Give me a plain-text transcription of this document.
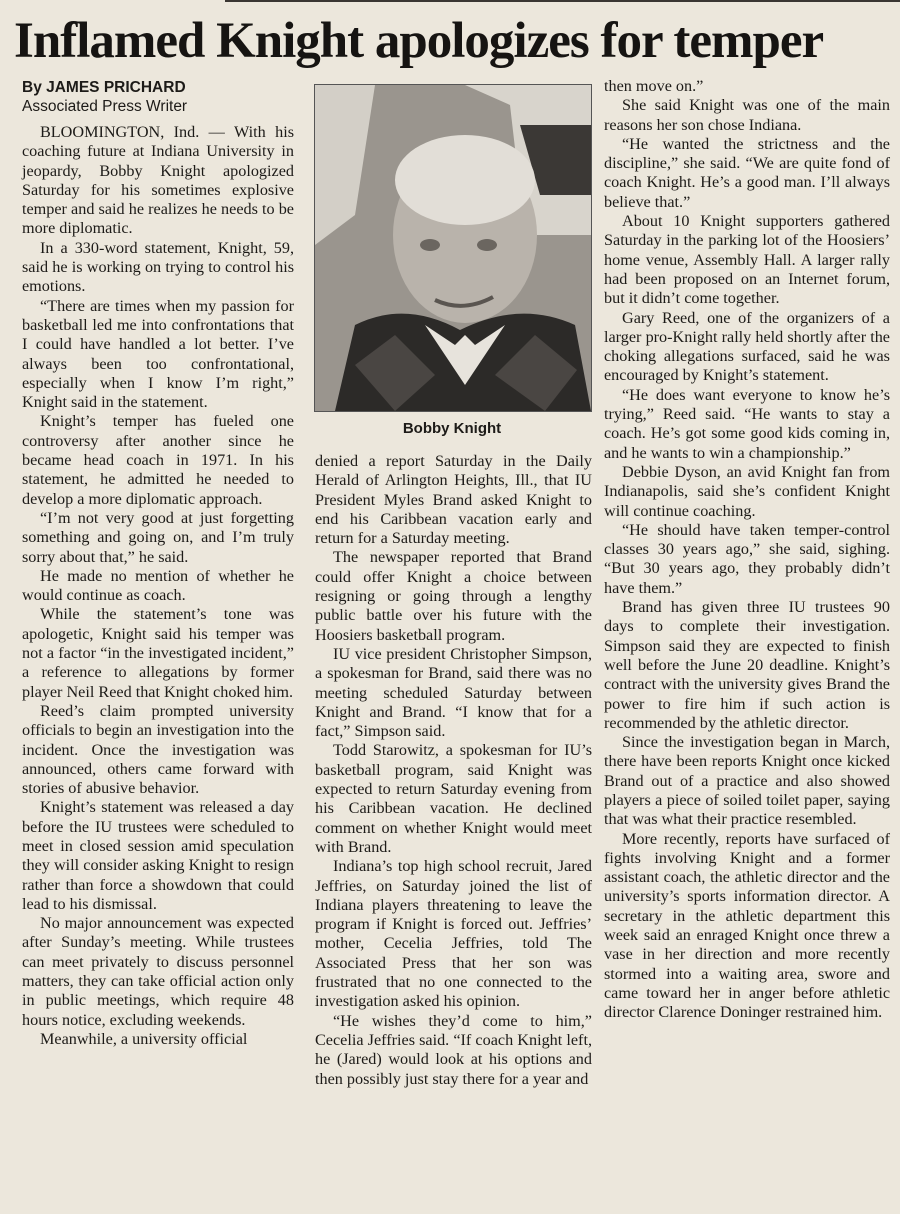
Inflamed Knight apologizes for temper
By JAMES PRICHARD
Associated Press Writer

BLOOMINGTON, Ind. — With his coaching future at Indiana University in jeopardy, Bobby Knight apologized Saturday for his sometimes explosive temper and said he realizes he needs to be more diplomatic.

In a 330-word statement, Knight, 59, said he is working on trying to control his emotions.

“There are times when my passion for basketball led me into confrontations that I could have handled a lot better. I’ve always been too confrontational, especially when I know I’m right,” Knight said in the statement.

Knight’s temper has fueled one controversy after another since he became head coach in 1971. In his statement, he admitted he needed to develop a more diplomatic approach.

“I’m not very good at just forgetting something and going on, and I’m truly sorry about that,” he said.

He made no mention of whether he would continue as coach.

While the statement’s tone was apologetic, Knight said his temper was not a factor “in the investigated incident,” a reference to allegations by former player Neil Reed that Knight choked him.

Reed’s claim prompted university officials to begin an investigation into the incident. Once the investigation was announced, others came forward with stories of abusive behavior.

Knight’s statement was released a day before the IU trustees were scheduled to meet in closed session amid speculation they will consider asking Knight to resign rather than force a showdown that could lead to his dismissal.

No major announcement was expected after Sunday’s meeting. While trustees can meet privately to discuss personnel matters, they can take official action only in public meetings, which require 48 hours notice, excluding weekends.

Meanwhile, a university official

Bobby Knight

denied a report Saturday in the Daily Herald of Arlington Heights, Ill., that IU President Myles Brand asked Knight to end his Caribbean vacation early and return for a Saturday meeting.

The newspaper reported that Brand could offer Knight a choice between resigning or going through a lengthy public battle over his future with the Hoosiers basketball program.

IU vice president Christopher Simpson, a spokesman for Brand, said there was no meeting scheduled Saturday between Knight and Brand. “I know that for a fact,” Simpson said.

Todd Starowitz, a spokesman for IU’s basketball program, said Knight was expected to return Saturday evening from his Caribbean vacation. He declined comment on whether Knight would meet with Brand.

Indiana’s top high school recruit, Jared Jeffries, on Saturday joined the list of Indiana players threatening to leave the program if Knight is forced out. Jeffries’ mother, Cecelia Jeffries, told The Associated Press that her son was frustrated that no one connected to the investigation asked his opinion.

“He wishes they’d come to him,” Cecelia Jeffries said. “If coach Knight left, he (Jared) would look at his options and then possibly just stay there for a year and

then move on.”

She said Knight was one of the main reasons her son chose Indiana.

“He wanted the strictness and the discipline,” she said. “We are quite fond of coach Knight. He’s a good man. I’ll always believe that.”

About 10 Knight supporters gathered Saturday in the parking lot of the Hoosiers’ home venue, Assembly Hall. A larger rally had been proposed on an Internet forum, but it didn’t come together.

Gary Reed, one of the organizers of a larger pro-Knight rally held shortly after the choking allegations surfaced, said he was encouraged by Knight’s statement.

“He does want everyone to know he’s trying,” Reed said. “He wants to stay a coach. He’s got some good kids coming in, and he wants to win a championship.”

Debbie Dyson, an avid Knight fan from Indianapolis, said she’s confident Knight will continue coaching.

“He should have taken temper-control classes 30 years ago,” she said, sighing. “But 30 years ago, they probably didn’t have them.”

Brand has given three IU trustees 90 days to complete their investigation. Simpson said they are expected to finish well before the June 20 deadline. Knight’s contract with the university gives Brand the power to fire him if such action is recommended by the athletic director.

Since the investigation began in March, there have been reports Knight once kicked Brand out of a practice and also showed players a piece of soiled toilet paper, saying that was what their practice resembled.

More recently, reports have surfaced of fights involving Knight and a former assistant coach, the athletic director and the university’s sports information director. A secretary in the athletic department this week said an enraged Knight once threw a vase in her direction and more recently stormed into a waiting area, swore and came toward her in anger before athletic director Clarence Doninger restrained him.
